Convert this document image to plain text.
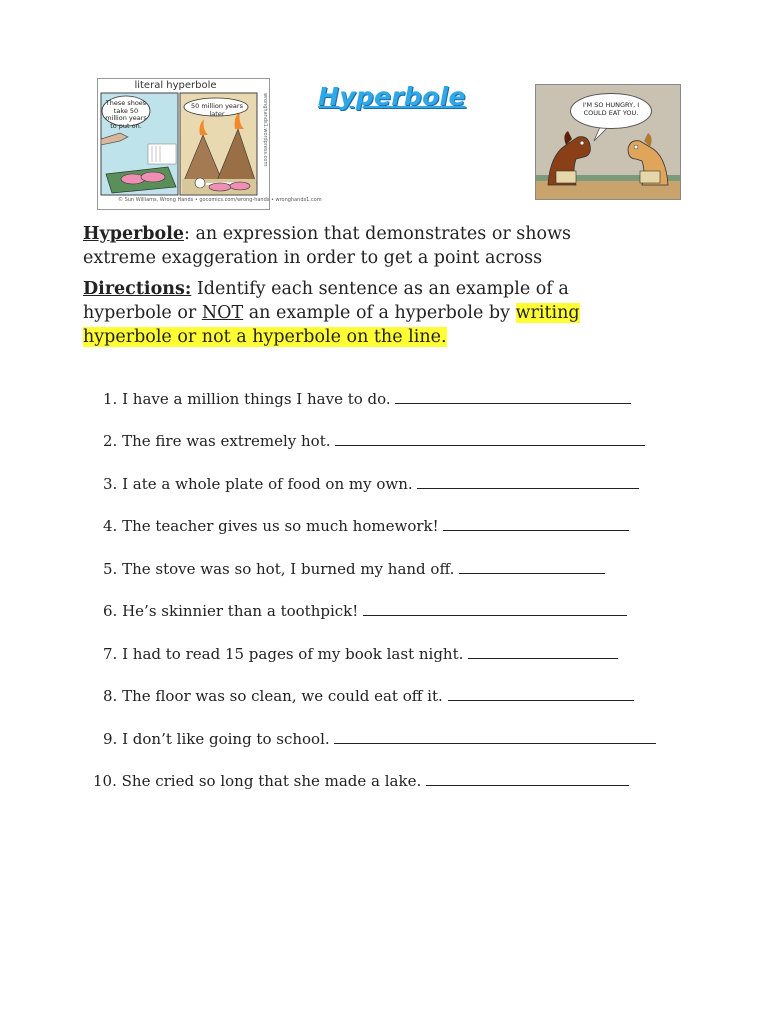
literal hyperbole
These shoes take 50 million years to put on.
50 million years later
© Sun Williams, Wrong Hands • gocomics.com/wrong-hands • wronghands1.com
wronghands1.wordpress.com Hyperbole	I'M SO HUNGRY, I COULD EAT YOU.
Hyperbole: an expression that demonstrates or shows extreme exaggeration in order to get a point across
Directions: Identify each sentence as an example of a hyperbole or NOT an example of a hyperbole by writing hyperbole or not a hyperbole on the line.
1. I have a million things I have to do.
2. The fire was extremely hot.
3. I ate a whole plate of food on my own.
4. The teacher gives us so much homework!
5. The stove was so hot, I burned my hand off.
6. He’s skinnier than a toothpick!
7. I had to read 15 pages of my book last night.
8. The floor was so clean, we could eat off it.
9. I don’t like going to school.
10. She cried so long that she made a lake.
